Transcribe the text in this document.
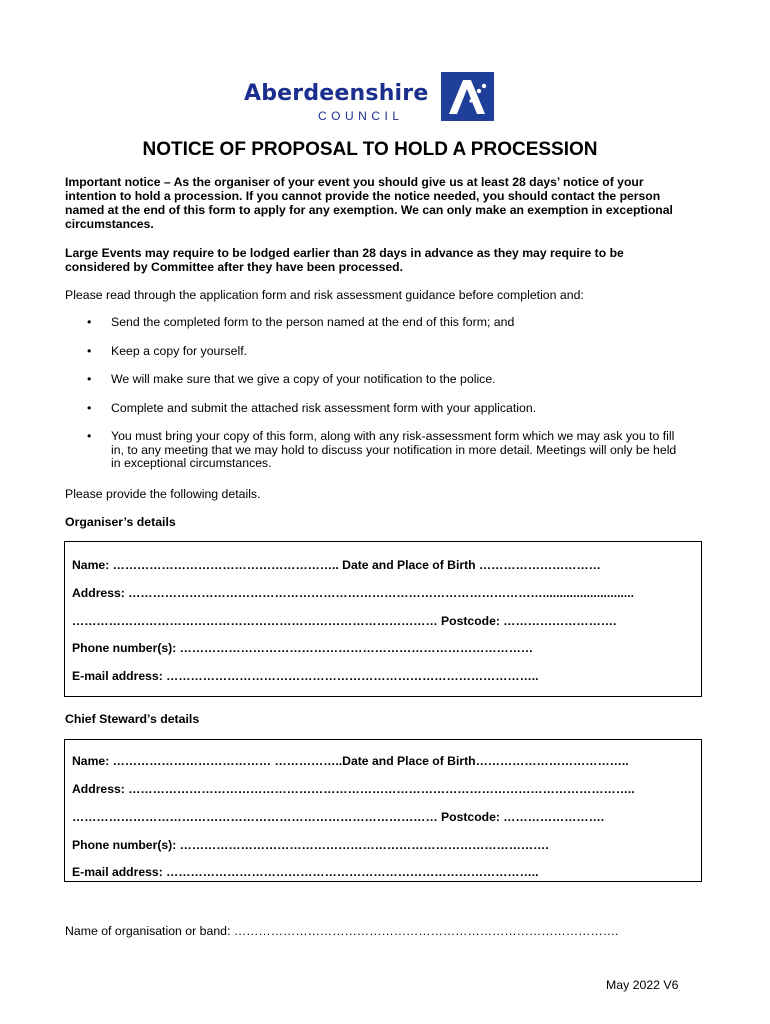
Aberdeenshire
COUNCIL
NOTICE OF PROPOSAL TO HOLD A PROCESSION
Important notice – As the organiser of your event you should give us at least 28 days’ notice of your intention to hold a procession. If you cannot provide the notice needed, you should contact the person named at the end of this form to apply for any exemption. We can only make an exemption in exceptional circumstances.
Large Events may require to be lodged earlier than 28 days in advance as they may require to be considered by Committee after they have been processed.
Please read through the application form and risk assessment guidance before completion and:
• Send the completed form to the person named at the end of this form; and
• Keep a copy for yourself.
• We will make sure that we give a copy of your notification to the police.
• Complete and submit the attached risk assessment form with your application.
• You must bring your copy of this form, along with any risk-assessment form which we may ask you to fill in, to any meeting that we may hold to discuss your notification in more detail. Meetings will only be held in exceptional circumstances.
Please provide the following details.
Organiser’s details
Name: ……………………………………………….. Date and Place of Birth …………………………
Address: …………………………………………………………………………………………...........................
……………………………………………………………………………… Postcode: ……………………….
Phone number(s): ……………………………………………………………………………
E-mail address: ………………………………………………………………………………..
Chief Steward’s details
Name: ………………………………… ……………..Date and Place of Birth………………………………..
Address: ……………………………………………………………………………………………………………..
……………………………………………………………………………… Postcode: …………………….
Phone number(s): ……………………………………………………………………………….
E-mail address: ………………………………………………………………………………..
Name of organisation or band: ………………………………………………………………………………….
May 2022 V6
